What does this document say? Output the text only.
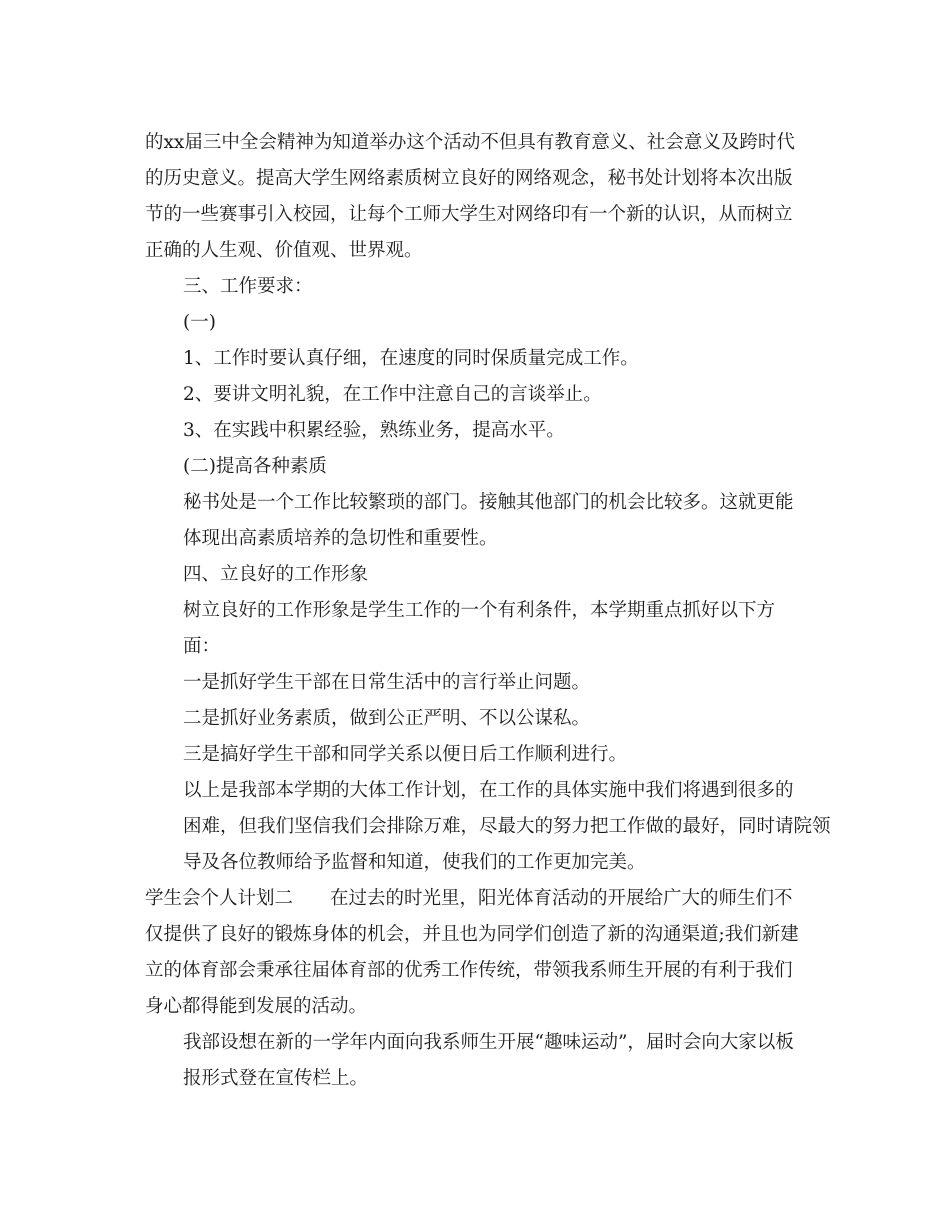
的xx届三中全会精神为知道举办这个活动不但具有教育意义、社会意义及跨时代
的历史意义。提高大学生网络素质树立良好的网络观念，秘书处计划将本次出版
节的一些赛事引入校园，让每个工师大学生对网络印有一个新的认识，从而树立
正确的人生观、价值观、世界观。

三、工作要求：

(一)

1、工作时要认真仔细，在速度的同时保质量完成工作。

2、要讲文明礼貌，在工作中注意自己的言谈举止。

3、在实践中积累经验，熟练业务，提高水平。

(二)提高各种素质

秘书处是一个工作比较繁琐的部门。接触其他部门的机会比较多。这就更能
体现出高素质培养的急切性和重要性。

四、立良好的工作形象

树立良好的工作形象是学生工作的一个有利条件，本学期重点抓好以下方
面：

一是抓好学生干部在日常生活中的言行举止问题。

二是抓好业务素质，做到公正严明、不以公谋私。

三是搞好学生干部和同学关系以便日后工作顺利进行。

以上是我部本学期的大体工作计划，在工作的具体实施中我们将遇到很多的
困难，但我们坚信我们会排除万难，尽最大的努力把工作做的最好，同时请院领
导及各位教师给予监督和知道，使我们的工作更加完美。

学生会个人计划二　　在过去的时光里，阳光体育活动的开展给广大的师生们不
仅提供了良好的锻炼身体的机会，并且也为同学们创造了新的沟通渠道;我们新建
立的体育部会秉承往届体育部的优秀工作传统，带领我系师生开展的有利于我们
身心都得能到发展的活动。

我部设想在新的一学年内面向我系师生开展“趣味运动”，届时会向大家以板
报形式登在宣传栏上。
